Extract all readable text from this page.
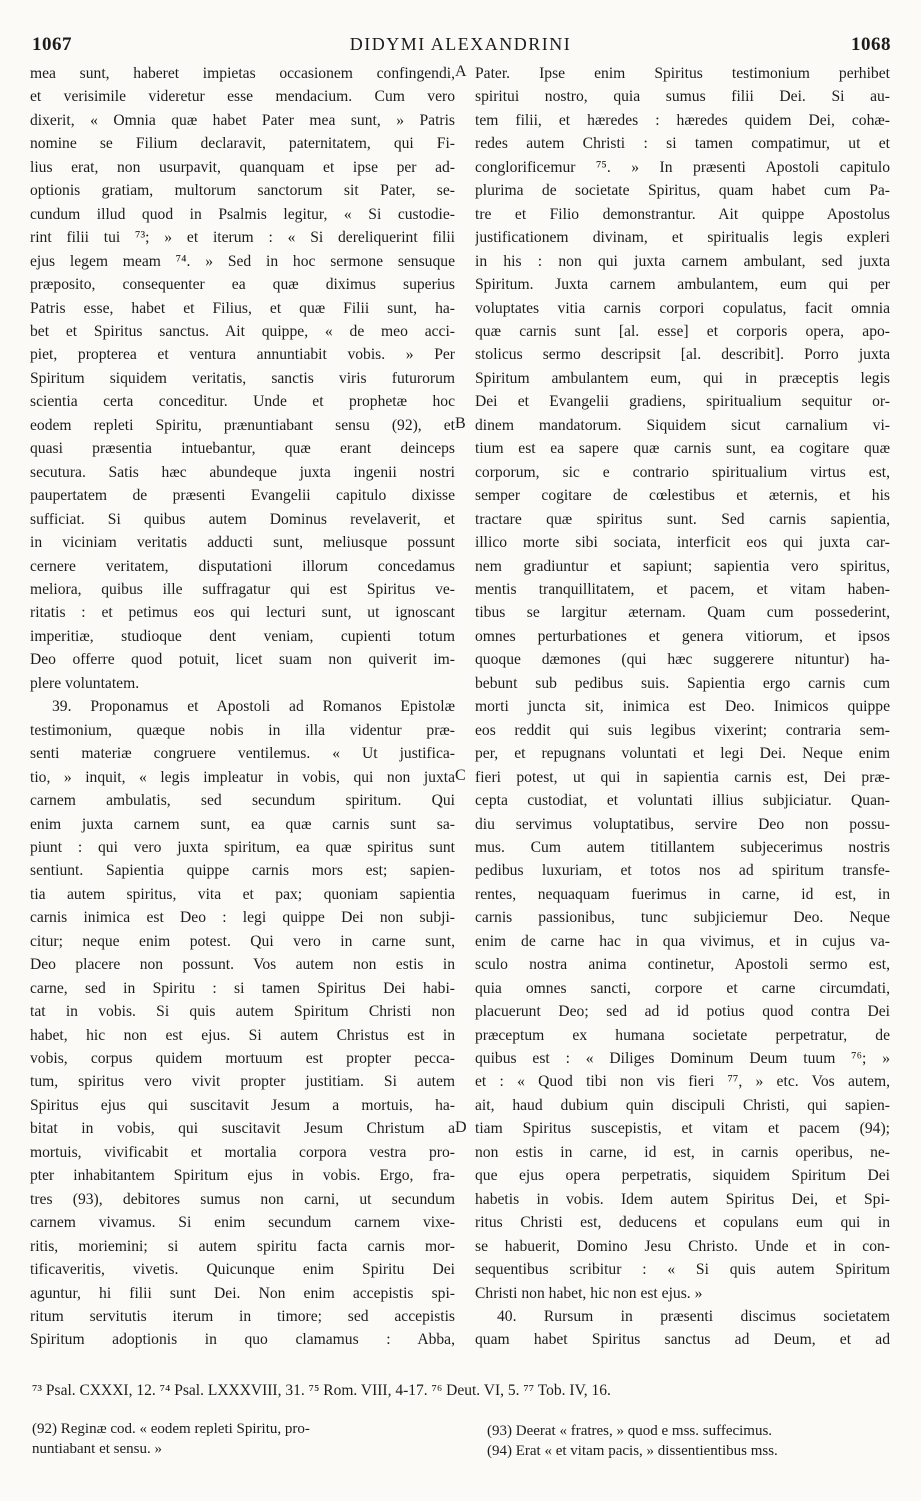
1067	DIDYMI ALEXANDRINI	1068
mea sunt, haberet impietas occasionem confingendi,
et verisimile videretur esse mendacium. Cum vero
dixerit, « Omnia quæ habet Pater mea sunt, » Patris
nomine se Filium declaravit, paternitatem, qui Fi-
lius erat, non usurpavit, quanquam et ipse per ad-
optionis gratiam, multorum sanctorum sit Pater, se-
cundum illud quod in Psalmis legitur, « Si custodie-
rint filii tui ⁷³; » et iterum : « Si dereliquerint filii
ejus legem meam ⁷⁴. » Sed in hoc sermone sensuque
præposito, consequenter ea quæ diximus superius
Patris esse, habet et Filius, et quæ Filii sunt, ha-
bet et Spiritus sanctus. Ait quippe, « de meo acci-
piet, propterea et ventura annuntiabit vobis. » Per
Spiritum siquidem veritatis, sanctis viris futurorum
scientia certa conceditur. Unde et prophetæ hoc
eodem repleti Spiritu, prænuntiabant sensu (92), et
quasi præsentia intuebantur, quæ erant deinceps
secutura. Satis hæc abundeque juxta ingenii nostri
paupertatem de præsenti Evangelii capitulo dixisse
sufficiat. Si quibus autem Dominus revelaverit, et
in viciniam veritatis adducti sunt, meliusque possunt
cernere veritatem, disputationi illorum concedamus
meliora, quibus ille suffragatur qui est Spiritus ve-
ritatis : et petimus eos qui lecturi sunt, ut ignoscant
imperitiæ, studioque dent veniam, cupienti totum
Deo offerre quod potuit, licet suam non quiverit im-
plere voluntatem.
39. Proponamus et Apostoli ad Romanos Epistolæ
testimonium, quæque nobis in illa videntur præ-
senti materiæ congruere ventilemus. « Ut justifica-
tio, » inquit, « legis impleatur in vobis, qui non juxta
carnem ambulatis, sed secundum spiritum. Qui
enim juxta carnem sunt, ea quæ carnis sunt sa-
piunt : qui vero juxta spiritum, ea quæ spiritus sunt
sentiunt. Sapientia quippe carnis mors est; sapien-
tia autem spiritus, vita et pax; quoniam sapientia
carnis inimica est Deo : legi quippe Dei non subji-
citur; neque enim potest. Qui vero in carne sunt,
Deo placere non possunt. Vos autem non estis in
carne, sed in Spiritu : si tamen Spiritus Dei habi-
tat in vobis. Si quis autem Spiritum Christi non
habet, hic non est ejus. Si autem Christus est in
vobis, corpus quidem mortuum est propter pecca-
tum, spiritus vero vivit propter justitiam. Si autem
Spiritus ejus qui suscitavit Jesum a mortuis, ha-
bitat in vobis, qui suscitavit Jesum Christum a
mortuis, vivificabit et mortalia corpora vestra pro-
pter inhabitantem Spiritum ejus in vobis. Ergo, fra-
tres (93), debitores sumus non carni, ut secundum
carnem vivamus. Si enim secundum carnem vixe-
ritis, moriemini; si autem spiritu facta carnis mor-
tificaveritis, vivetis. Quicunque enim Spiritu Dei
aguntur, hi filii sunt Dei. Non enim accepistis spi-
ritum servitutis iterum in timore; sed accepistis
Spiritum adoptionis in quo clamamus : Abba,
Pater. Ipse enim Spiritus testimonium perhibet
spiritui nostro, quia sumus filii Dei. Si au-
tem filii, et hæredes : hæredes quidem Dei, cohæ-
redes autem Christi : si tamen compatimur, ut et
conglorificemur ⁷⁵. » In præsenti Apostoli capitulo
plurima de societate Spiritus, quam habet cum Pa-
tre et Filio demonstrantur. Ait quippe Apostolus
justificationem divinam, et spiritualis legis expleri
in his : non qui juxta carnem ambulant, sed juxta
Spiritum. Juxta carnem ambulantem, eum qui per
voluptates vitia carnis corpori copulatus, facit omnia
quæ carnis sunt [al. esse] et corporis opera, apo-
stolicus sermo descripsit [al. describit]. Porro juxta
Spiritum ambulantem eum, qui in præceptis legis
Dei et Evangelii gradiens, spiritualium sequitur or-
dinem mandatorum. Siquidem sicut carnalium vi-
tium est ea sapere quæ carnis sunt, ea cogitare quæ
corporum, sic e contrario spiritualium virtus est,
semper cogitare de cœlestibus et æternis, et his
tractare quæ spiritus sunt. Sed carnis sapientia,
illico morte sibi sociata, interficit eos qui juxta car-
nem gradiuntur et sapiunt; sapientia vero spiritus,
mentis tranquillitatem, et pacem, et vitam haben-
tibus se largitur æternam. Quam cum possederint,
omnes perturbationes et genera vitiorum, et ipsos
quoque dæmones (qui hæc suggerere nituntur) ha-
bebunt sub pedibus suis. Sapientia ergo carnis cum
morti juncta sit, inimica est Deo. Inimicos quippe
eos reddit qui suis legibus vixerint; contraria sem-
per, et repugnans voluntati et legi Dei. Neque enim
fieri potest, ut qui in sapientia carnis est, Dei præ-
cepta custodiat, et voluntati illius subjiciatur. Quan-
diu servimus voluptatibus, servire Deo non possu-
mus. Cum autem titillantem subjecerimus nostris
pedibus luxuriam, et totos nos ad spiritum transfe-
rentes, nequaquam fuerimus in carne, id est, in
carnis passionibus, tunc subjiciemur Deo. Neque
enim de carne hac in qua vivimus, et in cujus va-
sculo nostra anima continetur, Apostoli sermo est,
quia omnes sancti, corpore et carne circumdati,
placuerunt Deo; sed ad id potius quod contra Dei
præceptum ex humana societate perpetratur, de
quibus est : « Diliges Dominum Deum tuum ⁷⁶; »
et : « Quod tibi non vis fieri ⁷⁷, » etc. Vos autem,
ait, haud dubium quin discipuli Christi, qui sapien-
tiam Spiritus suscepistis, et vitam et pacem (94);
non estis in carne, id est, in carnis operibus, ne-
que ejus opera perpetratis, siquidem Spiritum Dei
habetis in vobis. Idem autem Spiritus Dei, et Spi-
ritus Christi est, deducens et copulans eum qui in
se habuerit, Domino Jesu Christo. Unde et in con-
sequentibus scribitur : « Si quis autem Spiritum
Christi non habet, hic non est ejus. »
40. Rursum in præsenti discimus societatem
quam habet Spiritus sanctus ad Deum, et ad
A
B
C
D
⁷³ Psal. CXXXI, 12. ⁷⁴ Psal. LXXXVIII, 31. ⁷⁵ Rom. VIII, 4-17. ⁷⁶ Deut. VI, 5. ⁷⁷ Tob. IV, 16.
(92) Reginæ cod. « eodem repleti Spiritu, pro-
nuntiabant et sensu. »
(93) Deerat « fratres, » quod e mss. suffecimus.
(94) Erat « et vitam pacis, » dissentientibus mss.
